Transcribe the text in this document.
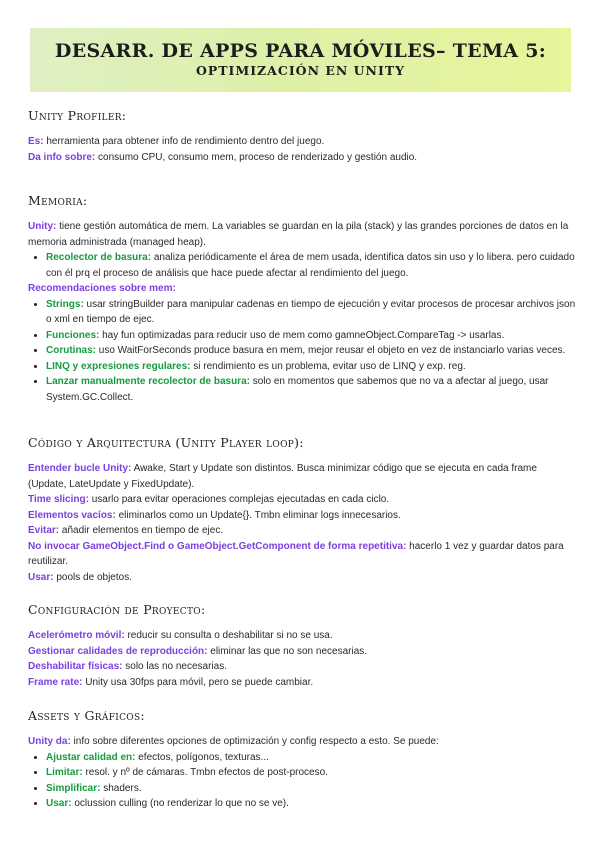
DESARR. DE APPS PARA MÓVILES– TEMA 5:
OPTIMIZACIÓN EN UNITY
Unity Profiler:
Es: herramienta para obtener info de rendimiento dentro del juego.
Da info sobre: consumo CPU, consumo mem, proceso de renderizado y gestión audio.
Memoria:
Unity: tiene gestión automática de mem. La variables se guardan en la pila (stack) y las grandes porciones de datos en la memoria administrada (managed heap).
• Recolector de basura: analiza periódicamente el área de mem usada, identifica datos sin uso y lo libera. pero cuidado con él prq el proceso de análisis que hace puede afectar al rendimiento del juego.
Recomendaciones sobre mem:
• Strings: usar stringBuilder para manipular cadenas en tiempo de ejecución y evitar procesos de procesar archivos json o xml en tiempo de ejec.
• Funciones: hay fun optimizadas para reducir uso de mem como gamneObject.CompareTag -> usarlas.
• Corutinas: uso WaitForSeconds produce basura en mem, mejor reusar el objeto en vez de instanciarlo varias veces.
• LINQ y expresiones regulares: si rendimiento es un problema, evitar uso de LINQ y exp. reg.
• Lanzar manualmente recolector de basura: solo en momentos que sabemos que no va a afectar al juego, usar System.GC.Collect.
Código y Arquitectura (Unity Player loop):
Entender bucle Unity: Awake, Start y Update son distintos. Busca minimizar código que se ejecuta en cada frame (Update, LateUpdate y FixedUpdate).
Time slicing: usarlo para evitar operaciones complejas ejecutadas en cada ciclo.
Elementos vacíos: eliminarlos como un Update{}. Tmbn eliminar logs innecesarios.
Evitar: añadir elementos en tiempo de ejec.
No invocar GameObject.Find o GameObject.GetComponent de forma repetitiva: hacerlo 1 vez y guardar datos para reutilizar.
Usar: pools de objetos.
Configuración de Proyecto:
Acelerómetro móvil: reducir su consulta o deshabilitar si no se usa.
Gestionar calidades de reproducción: eliminar las que no son necesarias.
Deshabilitar físicas: solo las no necesarias.
Frame rate: Unity usa 30fps para móvil, pero se puede cambiar.
Assets y Gráficos:
Unity da: info sobre diferentes opciones de optimización y config respecto a esto. Se puede:
• Ajustar calidad en: efectos, polígonos, texturas...
• Limitar: resol. y nº de cámaras. Tmbn efectos de post-proceso.
• Simplificar: shaders.
• Usar: oclussion culling (no renderizar lo que no se ve).
